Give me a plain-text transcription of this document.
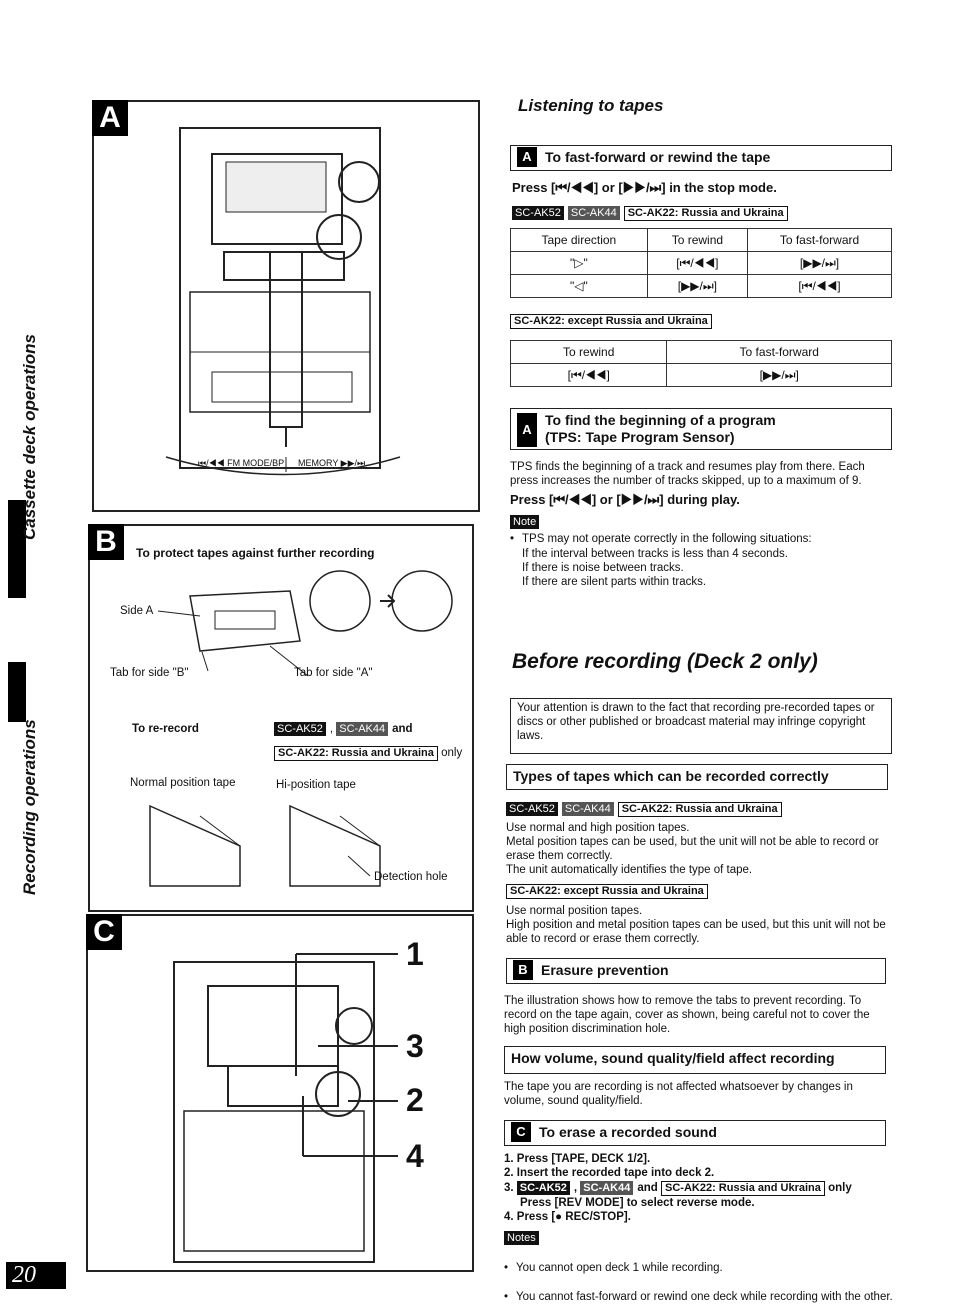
Cassette deck operations
Recording operations
20
A
⏮/◀◀ FM MODE/BP MEMORY ▶▶/⏭
B	To protect tapes against further recording
Side A
Tab for side "B"	Tab for side "A"
To re-record	SC-AK52 , SC-AK44 and
SC-AK22: Russia and Ukraina only
Normal position tape	Hi-position tape
Detection hole
C
1
3
2
4
Listening to tapes
A To fast-forward or rewind the tape
Press [⏮/◀◀] or [▶▶/⏭] in the stop mode.
SC-AK52 SC-AK44 SC-AK22: Russia and Ukraina
Tape direction	To rewind	To fast-forward
"▷"	[⏮/◀◀]	[▶▶/⏭]
"◁"	[▶▶/⏭]	[⏮/◀◀]
SC-AK22: except Russia and Ukraina
To rewind	To fast-forward
[⏮/◀◀]	[▶▶/⏭]
A
To find the beginning of a program
(TPS: Tape Program Sensor)
TPS finds the beginning of a track and resumes play from there. Each press increases the number of tracks skipped, up to a maximum of 9.
Press [⏮/◀◀] or [▶▶/⏭] during play.
Note
• TPS may not operate correctly in the following situations:
If the interval between tracks is less than 4 seconds.
If there is noise between tracks.
If there are silent parts within tracks.
Before recording (Deck 2 only)
Your attention is drawn to the fact that recording pre-recorded tapes or discs or other published or broadcast material may infringe copyright laws.
Types of tapes which can be recorded correctly
SC-AK52 SC-AK44 SC-AK22: Russia and Ukraina
Use normal and high position tapes.
Metal position tapes can be used, but the unit will not be able to record or erase them correctly.
The unit automatically identifies the type of tape.
SC-AK22: except Russia and Ukraina
Use normal position tapes.
High position and metal position tapes can be used, but this unit will not be able to record or erase them correctly.
B Erasure prevention
The illustration shows how to remove the tabs to prevent recording. To record on the tape again, cover as shown, being careful not to cover the high position discrimination hole.
How volume, sound quality/field affect recording
The tape you are recording is not affected whatsoever by changes in volume, sound quality/field.
C To erase a recorded sound
1. Press [TAPE, DECK 1/2].
2. Insert the recorded tape into deck 2.
3. SC-AK52 , SC-AK44 and SC-AK22: Russia and Ukraina only
Press [REV MODE] to select reverse mode.
4. Press [● REC/STOP].
Notes
• You cannot open deck 1 while recording.
• You cannot fast-forward or rewind one deck while recording with the other.
